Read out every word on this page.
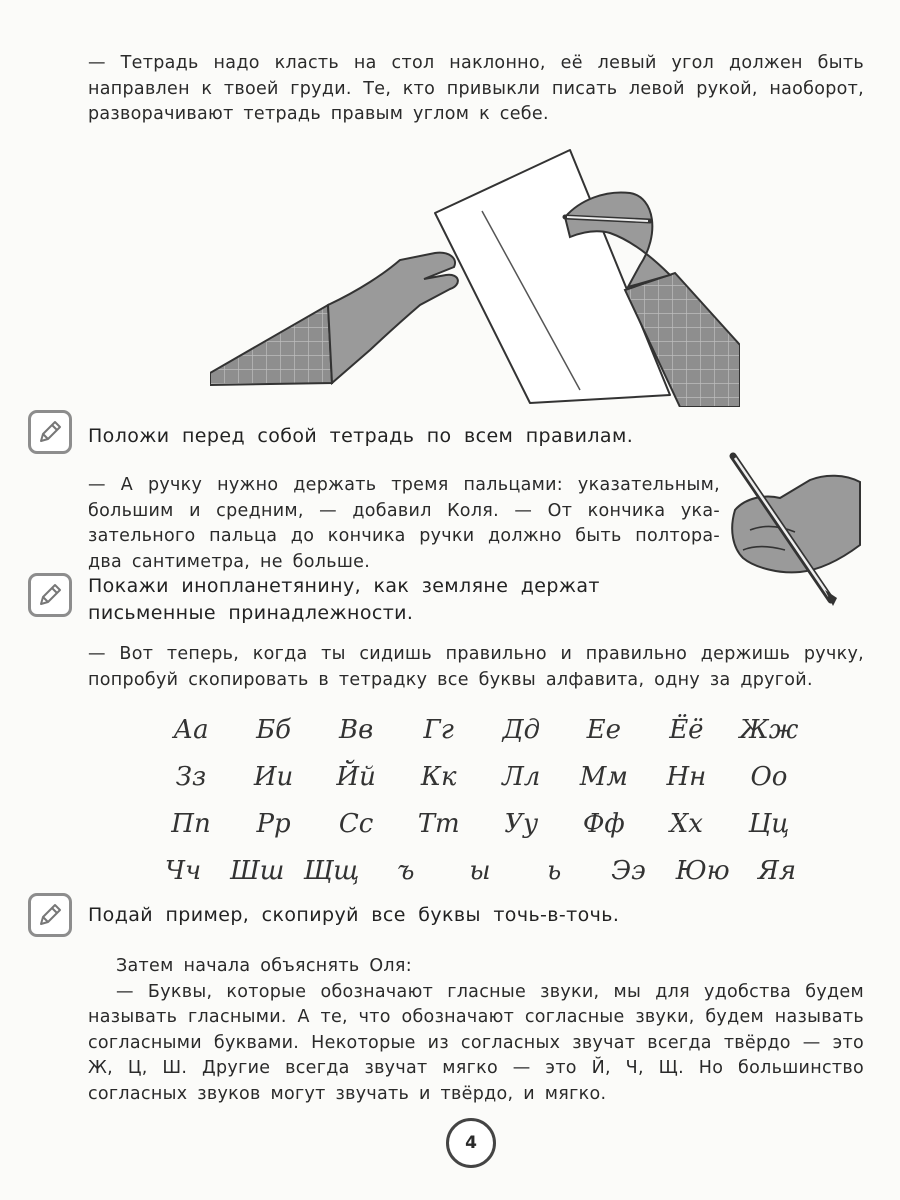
— Тетрадь надо класть на стол наклонно, её левый угол должен быть
направлен к твоей груди. Те, кто привыкли писать левой рукой, наоборот,
разворачивают тетрадь правым углом к себе.

Положи перед собой тетрадь по всем правилам.

— А ручку нужно держать тремя пальцами: указательным,
большим и средним, — добавил Коля. — От кончика ука-
зательного пальца до кончика ручки должно быть полтора-
два сантиметра, не больше.

Покажи инопланетянину, как земляне держат
письменные принадлежности.

— Вот теперь, когда ты сидишь правильно и правильно держишь ручку,
попробуй скопировать в тетрадку все буквы алфавита, одну за другой.

Аа	Бб	Вв	Гг	Дд	Ее	Ёё	Жж
Зз	Ии	Йй	Кк	Лл	Мм	Нн	Оо
Пп	Рр	Сс	Тт	Уу	Фф	Хх	Цц
Чч	Шш Щщ	ъ	ы	ь	Ээ	Юю	Яя
Подай пример, скопируй все буквы точь-в-точь.

Затем начала объяснять Оля:
— Буквы, которые обозначают гласные звуки, мы для удобства будем
называть гласными. А те, что обозначают согласные звуки, будем называть
согласными буквами. Некоторые из согласных звучат всегда твёрдо — это
Ж, Ц, Ш. Другие всегда звучат мягко — это Й, Ч, Щ. Но большинство
согласных звуков могут звучать и твёрдо, и мягко.

4
